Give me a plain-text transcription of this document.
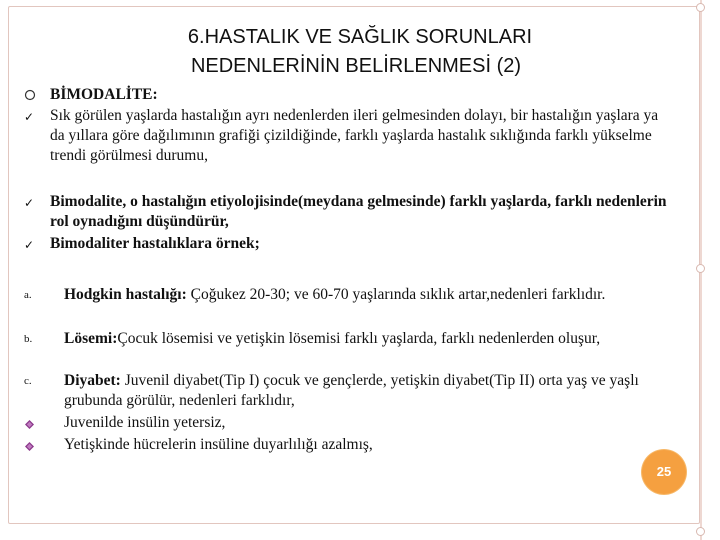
6.HASTALIK VE SAĞLIK SORUNLARI
NEDENLERİNİN BELİRLENMESİ (2)
BİMODALİTE:
✓ Sık görülen yaşlarda hastalığın ayrı nedenlerden ileri gelmesinden dolayı, bir hastalığın yaşlara ya da yıllara göre dağılımının grafiği çizildiğinde, farklı yaşlarda hastalık sıklığında farklı yükselme trendi görülmesi durumu,
✓ Bimodalite, o hastalığın etiyolojisinde(meydana gelmesinde) farklı yaşlarda, farklı nedenlerin rol oynadığını düşündürür,
✓ Bimodaliter hastalıklara örnek;
a. Hodgkin hastalığı: Çoğukez 20-30; ve 60-70 yaşlarında sıklık artar,nedenleri farklıdır.
b. Lösemi:Çocuk lösemisi ve yetişkin lösemisi farklı yaşlarda, farklı nedenlerden oluşur,
c. Diyabet: Juvenil diyabet(Tip I) çocuk ve gençlerde, yetişkin diyabet(Tip II) orta yaş ve yaşlı grubunda görülür, nedenleri farklıdır,
Juvenilde insülin yetersiz,
Yetişkinde hücrelerin insüline duyarlılığı azalmış,
25
